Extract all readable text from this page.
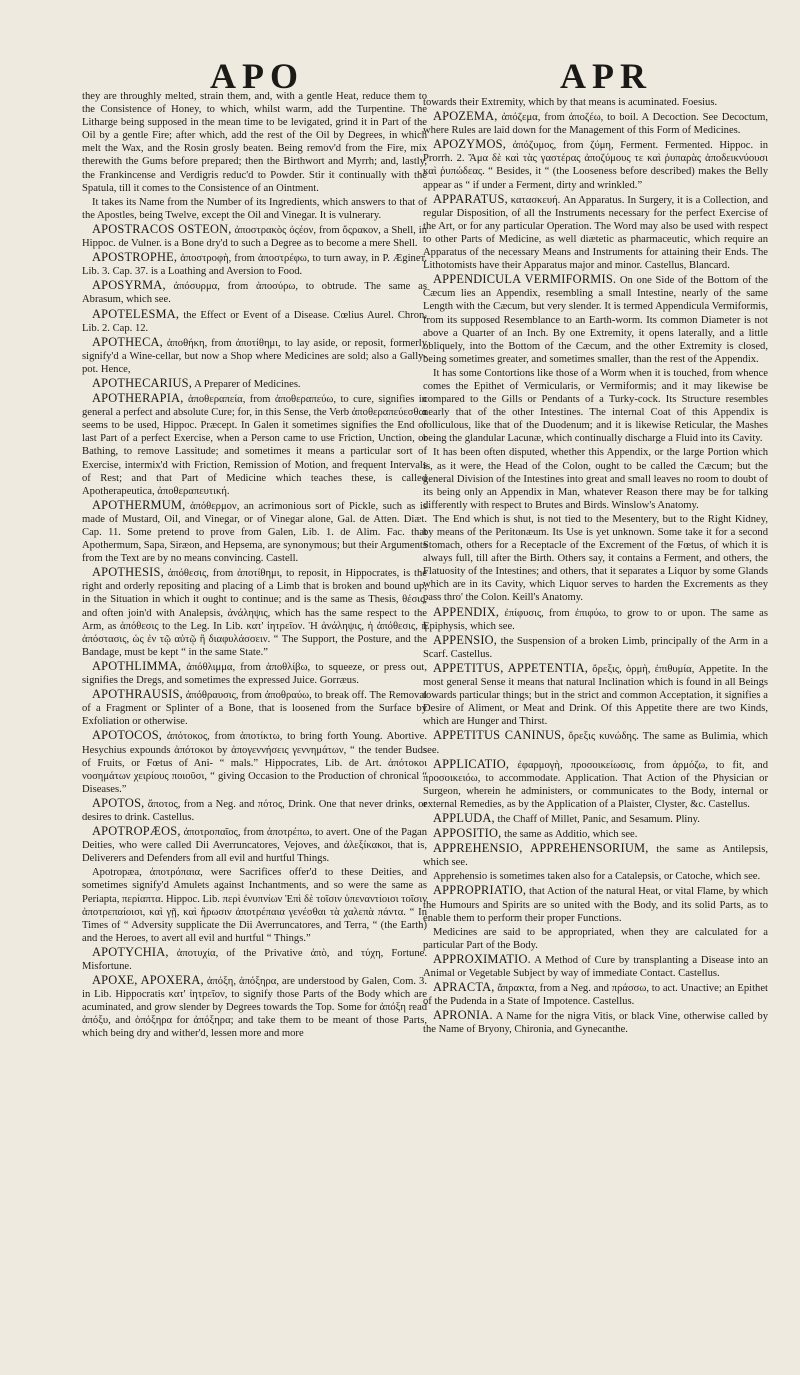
APO	APR

they are throughly melted, strain them, and, with a gentle Heat, reduce them to the Consistence of Honey, to which, whilst warm, add the Turpentine. The Litharge being supposed in the mean time to be levigated, grind it in Part of the Oil by a gentle Fire; after which, add the rest of the Oil by Degrees, in which melt the Wax, and the Rosin grosly beaten. Being remov'd from the Fire, mix therewith the Gums before prepared; then the Birthwort and Myrrh; and, lastly, the Frankincense and Verdigris reduc'd to Powder. Stir it continually with the Spatula, till it comes to the Consistence of an Ointment.

It takes its Name from the Number of its Ingredients, which answers to that of the Apostles, being Twelve, except the Oil and Vinegar. It is vulnerary.

APOSTRACOS OSTEON, ἀποστρακὸς ὀςέον, from ὄςρακον, a Shell, in Hippoc. de Vulner. is a Bone dry'd to such a Degree as to become a mere Shell.

APOSTROPHE, ἀποστροφὴ, from ἀποστρέφω, to turn away, in P. Ægineт. Lib. 3. Cap. 37. is a Loathing and Aversion to Food.

APOSYRMA, ἀπόσυρμα, from ἀποσύρω, to obtrude. The same as Abrasum, which see.

APOTELESMA, the Effect or Event of a Disease. Cœlius Aurel. Chron. Lib. 2. Cap. 12.

APOTHECA, ἀποθήκη, from ἀποτίθημι, to lay aside, or reposit, formerly signify'd a Wine-cellar, but now a Shop where Medicines are sold; also a Gally-pot. Hence,

APOTHECARIUS, A Preparer of Medicines.

APOTHERAPIA, ἀποθεραπεία, from ἀποθεραπεύω, to cure, signifies in general a perfect and absolute Cure; for, in this Sense, the Verb ἀποθεραπεύεσθαι seems to be used, Hippoc. Præcept. In Galen it sometimes signifies the End or last Part of a perfect Exercise, when a Person came to use Friction, Unction, or Bathing, to remove Lassitude; and sometimes it means a particular sort of Exercise, intermix'd with Friction, Remission of Motion, and frequent Intervals of Rest; and that Part of Medicine which teaches these, is called Apotherapeutica, ἀποθεραπευτική.

APOTHERMUM, ἀπόθερμον, an acrimonious sort of Pickle, such as is made of Mustard, Oil, and Vinegar, or of Vinegar alone, Gal. de Atten. Diæt. Cap. 11. Some pretend to prove from Galen, Lib. 1. de Alim. Fac. that Apothermum, Sapa, Siræon, and Hepsema, are synonymous; but their Arguments from the Text are by no means convincing. Castell.

APOTHESIS, ἀπόθεσις, from ἀποτίθημι, to reposit, in Hippocrates, is the right and orderly repositing and placing of a Limb that is broken and bound up, in the Situation in which it ought to continue; and is the same as Thesis, θέσις, and often join'd with Analepsis, ἀνάληψις, which has the same respect to the Arm, as ἀπόθεσις to the Leg. In Lib. κατ' ἰητρεῖον. Ἡ ἀνάληψις, ἡ ἀπόθεσις, ἡ ἀπόστασις, ὡς ἐν τῷ αὐτῷ ἢ διαφυλάσσειν. “ The Support, the Posture, and the Bandage, must be kept “ in the same State.”

APOTHLIMMA, ἀπόθλιμμα, from ἀποθλίβω, to squeeze, or press out, signifies the Dregs, and sometimes the expressed Juice. Gorræus.

APOTHRAUSIS, ἀπόθραυσις, from ἀποθραύω, to break off. The Removal of a Fragment or Splinter of a Bone, that is loosened from the Surface by Exfoliation or otherwise.

APOTOCOS, ἀπότοκος, from ἀποτίκτω, to bring forth Young. Abortive. Hesychius expounds ἀπότοκοι by ἀπογεννήσεις γεννημάτων, “ the tender Buds of Fruits, or Fœtus of Ani- “ mals.” Hippocrates, Lib. de Art. ἀπότοκοι νοσημάτων χειρίους ποιοῦσι, “ giving Occasion to the Production of chronical “ Diseases.”

APOTOS, ἄποτος, from a Neg. and πότος, Drink. One that never drinks, or desires to drink. Castellus.

APOTROPÆOS, ἀποτροπαῖος, from ἀποτρέπω, to avert. One of the Pagan Deities, who were called Dii Averruncatores, Vejoves, and ἀλεξίκακοι, that is, Deliverers and Defenders from all evil and hurtful Things.

Apotropæa, ἀποτρόπαια, were Sacrifices offer'd to these Deities, and sometimes signify'd Amulets against Inchantments, and so were the same as Periapta, περίαπτα. Hippoc. Lib. περὶ ἐνυπνίων Ἐπὶ δὲ τοῖσιν ὑπεναντίοισι τοῖσιν ἀποτρεπαίοισι, καὶ γῇ, καὶ ἥρωσιν ἀποτρέπαια γενέσθαι τὰ χαλεπὰ πάντα. “ In Times of “ Adversity supplicate the Dii Averruncatores, and Terra, “ (the Earth) and the Heroes, to avert all evil and hurtful “ Things.”

APOTYCHIA, ἀποτυχία, of the Privative ἀπὸ, and τύχη, Fortune. Misfortune.

APOXE, APOXERA, ἀπόξη, ἀπόξηρα, are understood by Galen, Com. 3. in Lib. Hippocratis κατ' ἰητρεῖον, to signify those Parts of the Body which are acuminated, and grow slender by Degrees towards the Top. Some for ἀπόξη read ἀπόξυ, and ὀπόξηρα for ἀπόξηρα; and take them to be meant of those Parts, which being dry and wither'd, lessen more and more

towards their Extremity, which by that means is acuminated. Foesius.

APOZEMA, ἀπόζεμα, from ἀποζέω, to boil. A Decoction. See Decoctum, where Rules are laid down for the Management of this Form of Medicines.

APOZYMOS, ἀπόζυμος, from ζύμη, Ferment. Fermented. Hippoc. in Prorrh. 2. Ἅμα δὲ καὶ τὰς γαστέρας ἀποζύμους τε καὶ ῥυπαρὰς ἀποδεικνύουσι καὶ ῥυπώδεας. “ Besides, it “ (the Looseness before described) makes the Belly appear as “ if under a Ferment, dirty and wrinkled.”

APPARATUS, κατασκευή. An Apparatus. In Surgery, it is a Collection, and regular Disposition, of all the Instruments necessary for the perfect Exercise of the Art, or for any particular Operation. The Word may also be used with respect to other Parts of Medicine, as well diætetic as pharmaceutic, which require an Apparatus of the necessary Means and Instruments for attaining their Ends. The Lithotomists have their Apparatus major and minor. Castellus, Blancard.

APPENDICULA VERMIFORMIS. On one Side of the Bottom of the Cæcum lies an Appendix, resembling a small Intestine, nearly of the same Length with the Cæcum, but very slender. It is termed Appendicula Vermiformis, from its supposed Resemblance to an Earth-worm. Its common Diameter is not above a Quarter of an Inch. By one Extremity, it opens laterally, and a little obliquely, into the Bottom of the Cæcum, and the other Extremity is closed, being sometimes greater, and sometimes smaller, than the rest of the Appendix.

It has some Contortions like those of a Worm when it is touched, from whence comes the Epithet of Vermicularis, or Vermiformis; and it may likewise be compared to the Gills or Pendants of a Turky-cock. Its Structure resembles nearly that of the other Intestines. The internal Coat of this Appendix is folliculous, like that of the Duodenum; and it is likewise Reticular, the Mashes being the glandular Lacunæ, which continually discharge a Fluid into its Cavity.

It has been often disputed, whether this Appendix, or the large Portion which is, as it were, the Head of the Colon, ought to be called the Cæcum; but the general Division of the Intestines into great and small leaves no room to doubt of its being only an Appendix in Man, whatever Reason there may be for talking differently with respect to Brutes and Birds. Winslow's Anatomy.

The End which is shut, is not tied to the Mesentery, but to the Right Kidney, by means of the Peritonæum. Its Use is yet unknown. Some take it for a second Stomach, others for a Receptacle of the Excrement of the Fœtus, of which it is always full, till after the Birth. Others say, it contains a Ferment, and others, the Flatuosity of the Intestines; and others, that it separates a Liquor by some Glands which are in its Cavity, which Liquor serves to harden the Excrements as they pass thro' the Colon. Keill's Anatomy.

APPENDIX, ἐπίφυσις, from ἐπιφύω, to grow to or upon. The same as Epiphysis, which see.

APPENSIO, the Suspension of a broken Limb, principally of the Arm in a Scarf. Castellus.

APPETITUS, APPETENTIA, ὄρεξις, ὁρμὴ, ἐπιθυμία, Appetite. In the most general Sense it means that natural Inclination which is found in all Beings towards particular things; but in the strict and common Acceptation, it signifies a Desire of Aliment, or Meat and Drink. Of this Appetite there are two Kinds, which are Hunger and Thirst.

APPETITUS CANINUS, ὄρεξις κυνώδης. The same as Bulimia, which see.

APPLICATIO, ἐφαρμογὴ, προσοικείωσις, from ἁρμόζω, to fit, and προσοικειόω, to accommodate. Application. That Action of the Physician or Surgeon, wherein he administers, or communicates to the Body, internal or external Remedies, as by the Application of a Plaister, Clyster, &c. Castellus.

APPLUDA, the Chaff of Millet, Panic, and Sesamum. Pliny.

APPOSITIO, the same as Additio, which see.

APPREHENSIO, APPREHENSORIUM, the same as Antilepsis, which see.

Apprehensio is sometimes taken also for a Catalepsis, or Catoche, which see.

APPROPRIATIO, that Action of the natural Heat, or vital Flame, by which the Humours and Spirits are so united with the Body, and its solid Parts, as to enable them to perform their proper Functions.

Medicines are said to be appropriated, when they are calculated for a particular Part of the Body.

APPROXIMATIO. A Method of Cure by transplanting a Disease into an Animal or Vegetable Subject by way of immediate Contact. Castellus.

APRACTA, ἄπρακτα, from a Neg. and πράσσω, to act. Unactive; an Epithet of the Pudenda in a State of Impotence. Castellus.

APRONIA. A Name for the nigra Vitis, or black Vine, otherwise called by the Name of Bryony, Chironia, and Gynecanthe.
